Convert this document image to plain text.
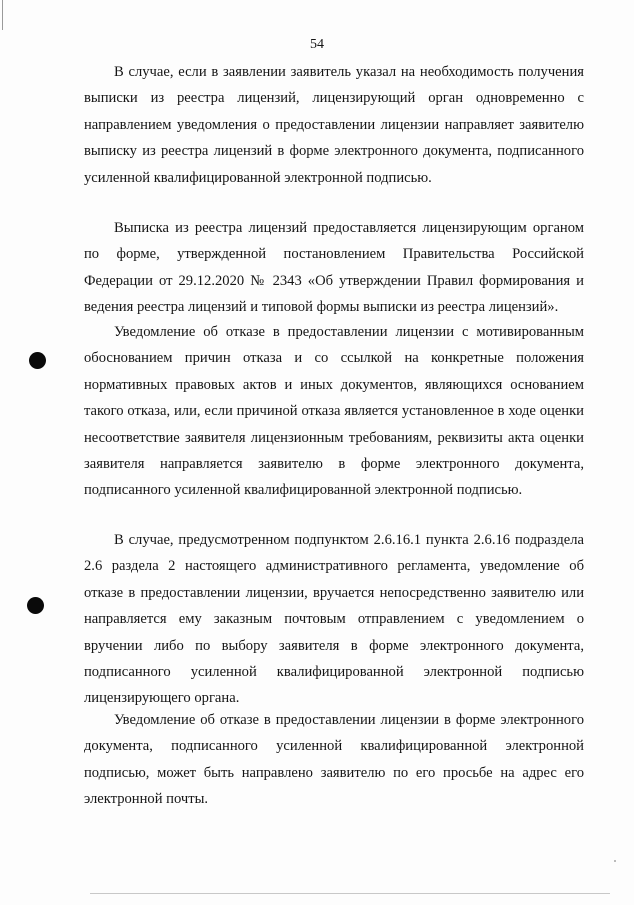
54

В случае, если в заявлении заявитель указал на необходимость получения выписки из реестра лицензий, лицензирующий орган одновременно с направлением уведомления о предоставлении лицензии направляет заявителю выписку из реестра лицензий в форме электронного документа, подписанного усиленной квалифицированной электронной подписью.

Выписка из реестра лицензий предоставляется лицензирующим органом по форме, утвержденной постановлением Правительства Российской Федерации от 29.12.2020 № 2343 «Об утверждении Правил формирования и ведения реестра лицензий и типовой формы выписки из реестра лицензий».

Уведомление об отказе в предоставлении лицензии с мотивированным обоснованием причин отказа и со ссылкой на конкретные положения нормативных правовых актов и иных документов, являющихся основанием такого отказа, или, если причиной отказа является установленное в ходе оценки несоответствие заявителя лицензионным требованиям, реквизиты акта оценки заявителя направляется заявителю в форме электронного документа, подписанного усиленной квалифицированной электронной подписью.

В случае, предусмотренном подпунктом 2.6.16.1 пункта 2.6.16 подраздела 2.6 раздела 2 настоящего административного регламента, уведомление об отказе в предоставлении лицензии, вручается непосредственно заявителю или направляется ему заказным почтовым отправлением с уведомлением о вручении либо по выбору заявителя в форме электронного документа, подписанного усиленной квалифицированной электронной подписью лицензирующего органа.

Уведомление об отказе в предоставлении лицензии в форме электронного документа, подписанного усиленной квалифицированной электронной подписью, может быть направлено заявителю по его просьбе на адрес его электронной почты.
